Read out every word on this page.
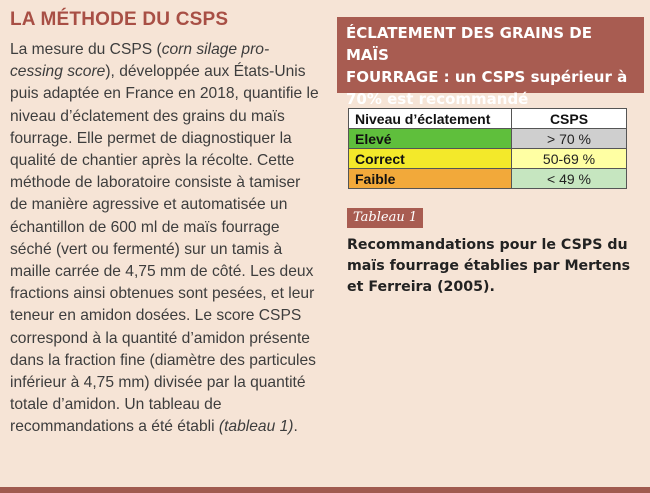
LA MÉTHODE DU CSPS

La mesure du CSPS (corn silage pro- cessing score), développée aux États-Unis puis adaptée en France en 2018, quantifie le niveau d’éclatement des grains du maïs fourrage. Elle permet de diagnostiquer la qualité de chantier après la récolte. Cette méthode de laboratoire consiste à tamiser de manière agressive et automatisée un échantillon de 600 ml de maïs fourrage séché (vert ou fermenté) sur un tamis à maille carrée de 4,75 mm de côté. Les deux fractions ainsi obtenues sont pesées, et leur teneur en amidon dosées. Le score CSPS correspond à la quantité d’amidon présente dans la fraction fine (diamètre des particules inférieur à 4,75 mm) divisée par la quantité totale d’amidon. Un tableau de recommandations a été établi (tableau 1).

ÉCLATEMENT DES GRAINS DE MAÏS
FOURRAGE : un CSPS supérieur à
70% est recommandé
Niveau d’éclatement	CSPS
Elevé	> 70 %
Correct	50-69 %
Faible	< 49 %
Tableau 1

Recommandations pour le CSPS du maïs fourrage établies par Mertens et Ferreira (2005).
